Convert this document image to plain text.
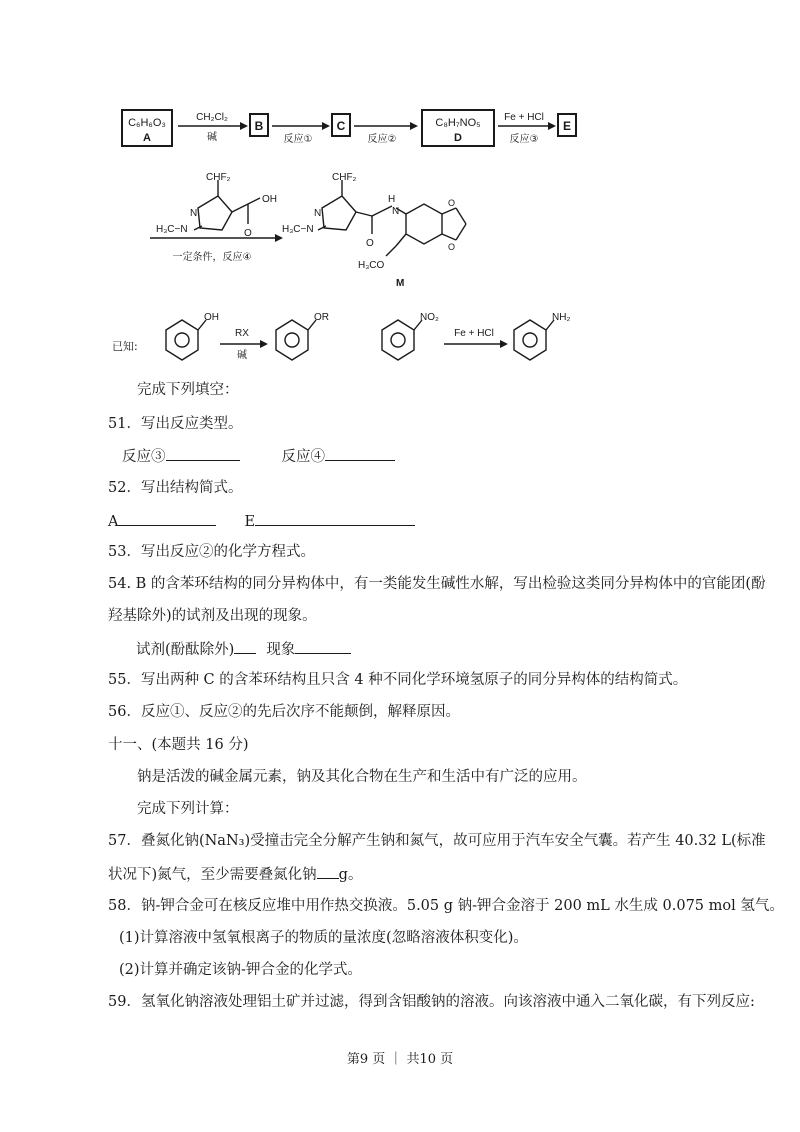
C₆H₆O₃
A
CH₂Cl₂
碱
B
反应①
C
反应②
C₈H₇NO₅
D
Fe + HCl
反应③
E
CHF₂
OH
O
N
H₃C−N
一定条件，反应④
CHF₂
N
H₃C−N
O
H
N
O
O
H₃CO
M
已知:
OH
RX
碱
OR	NO₂
Fe + HCl
NH₂
完成下列填空：
51．写出反应类型。
反应③	反应④
52．写出结构简式。
A	E
53．写出反应②的化学方程式。
54. B 的含苯环结构的同分异构体中，有一类能发生碱性水解，写出检验这类同分异构体中的官能团(酚
羟基除外)的试剂及出现的现象。
试剂(酚酞除外) 现象
55．写出两种 C 的含苯环结构且只含 4 种不同化学环境氢原子的同分异构体的结构简式。
56．反应①、反应②的先后次序不能颠倒，解释原因。
十一、(本题共 16 分)
钠是活泼的碱金属元素，钠及其化合物在生产和生活中有广泛的应用。
完成下列计算：
57．叠氮化钠(NaN₃)受撞击完全分解产生钠和氮气，故可应用于汽车安全气囊。若产生 40.32 L(标准
状况下)氮气，至少需要叠氮化钠 g。
58．钠-钾合金可在核反应堆中用作热交换液。5.05 g 钠-钾合金溶于 200 mL 水生成 0.075 mol 氢气。
(1)计算溶液中氢氧根离子的物质的量浓度(忽略溶液体积变化)。
(2)计算并确定该钠-钾合金的化学式。
59．氢氧化钠溶液处理铝土矿并过滤，得到含铝酸钠的溶液。向该溶液中通入二氧化碳，有下列反应:
第9 页 ｜ 共10 页
